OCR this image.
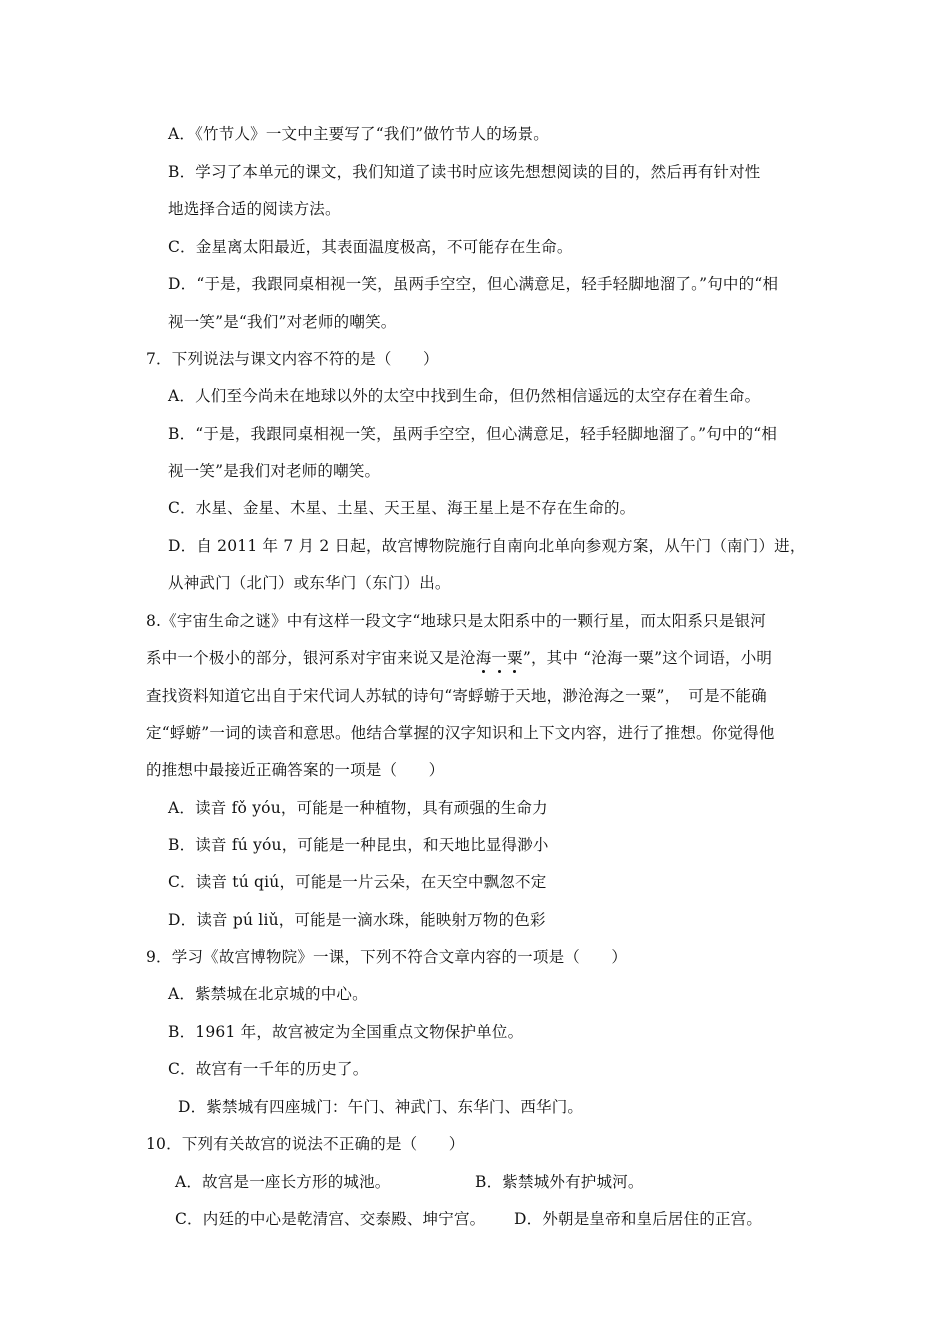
A．《竹节人》一文中主要写了“我们”做竹节人的场景。
B．学习了本单元的课文，我们知道了读书时应该先想想阅读的目的，然后再有针对性
地选择合适的阅读方法。
C．金星离太阳最近，其表面温度极高，不可能存在生命。
D．“于是，我跟同桌相视一笑，虽两手空空，但心满意足，轻手轻脚地溜了。”句中的“相
视一笑”是“我们”对老师的嘲笑。
7．下列说法与课文内容不符的是（　　）
A．人们至今尚未在地球以外的太空中找到生命，但仍然相信遥远的太空存在着生命。
B．“于是，我跟同桌相视一笑，虽两手空空，但心满意足，轻手轻脚地溜了。”句中的“相
视一笑”是我们对老师的嘲笑。
C．水星、金星、木星、土星、天王星、海王星上是不存在生命的。
D．自 2011 年 7 月 2 日起，故宫博物院施行自南向北单向参观方案，从午门（南门）进，
从神武门（北门）或东华门（东门）出。
8.《宇宙生命之谜》中有这样一段文字“地球只是太阳系中的一颗行星，而太阳系只是银河
系中一个极小的部分，银河系对宇宙来说又是沧海
一
粟
”，其中 “沧海一粟”这个词语，小明
查找资料知道它出自于宋代词人苏轼的诗句“寄蜉蝣于天地，渺沧海之一粟”，　可是不能确
定“蜉蝣”一词的读音和意思。他结合掌握的汉字知识和上下文内容，进行了推想。你觉得他
的推想中最接近正确答案的一项是（　　）
A．读音 fǒ yóu，可能是一种植物，具有顽强的生命力
B．读音 fú yóu，可能是一种昆虫，和天地比显得渺小
C．读音 tú qiú，可能是一片云朵，在天空中飘忽不定
D．读音 pú liǔ，可能是一滴水珠，能映射万物的色彩
9．学习《故宫博物院》一课，下列不符合文章内容的一项是（　　）
A．紫禁城在北京城的中心。
B．1961 年，故宫被定为全国重点文物保护单位。
C．故宫有一千年的历史了。
D．紫禁城有四座城门：午门、神武门、东华门、西华门。
10．下列有关故宫的说法不正确的是（　　）
A．故宫是一座长方形的城池。	B．紫禁城外有护城河。
C．内廷的中心是乾清宫、交泰殿、坤宁宫。 D．外朝是皇帝和皇后居住的正宫。
